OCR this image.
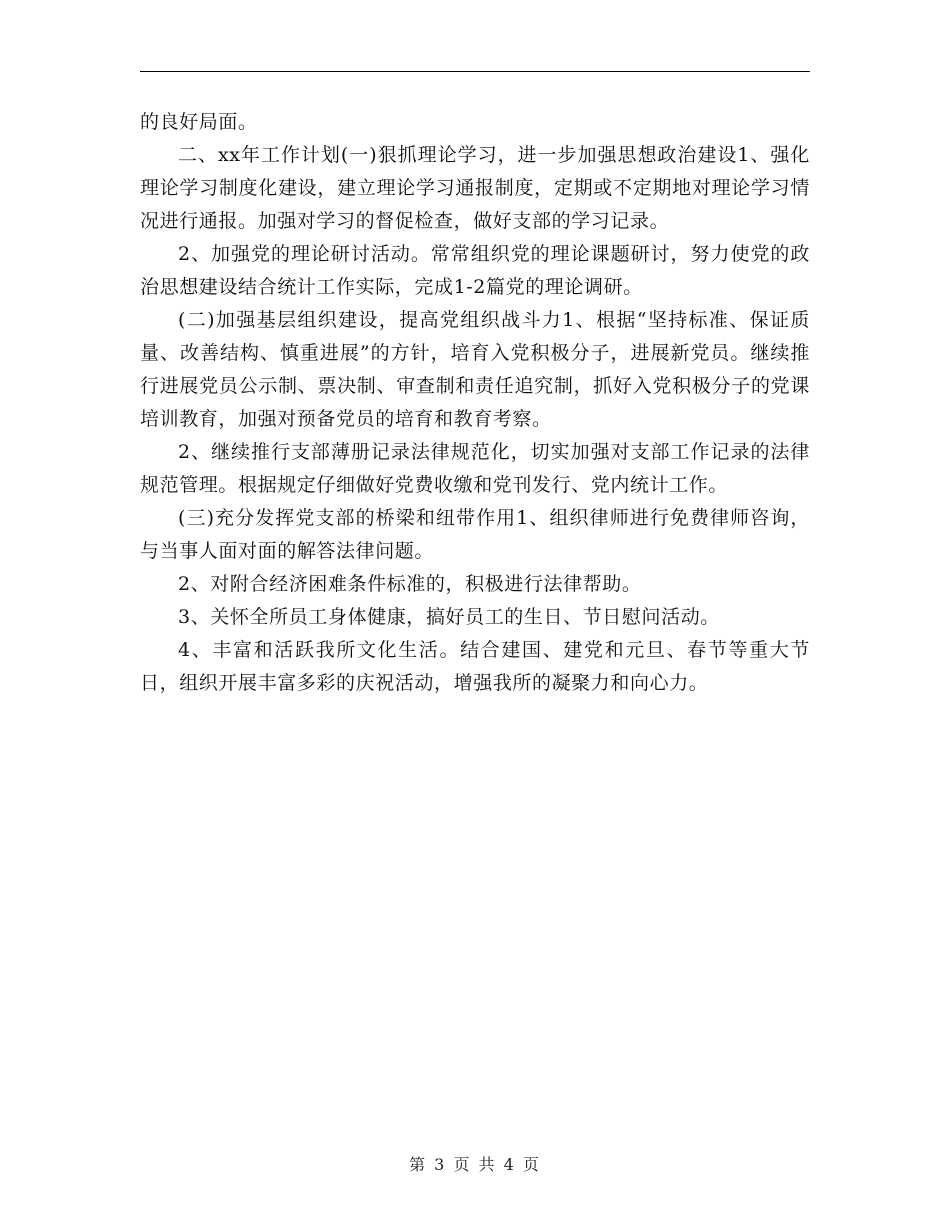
的良好局面。

二、xx年工作计划(一)狠抓理论学习，进一步加强思想政治建设1、强化理论学习制度化建设，建立理论学习通报制度，定期或不定期地对理论学习情况进行通报。加强对学习的督促检查，做好支部的学习记录。

2、加强党的理论研讨活动。常常组织党的理论课题研讨，努力使党的政治思想建设结合统计工作实际，完成1-2篇党的理论调研。

(二)加强基层组织建设，提高党组织战斗力1、根据“坚持标准、保证质量、改善结构、慎重进展”的方针，培育入党积极分子，进展新党员。继续推行进展党员公示制、票决制、审查制和责任追究制，抓好入党积极分子的党课培训教育，加强对预备党员的培育和教育考察。

2、继续推行支部薄册记录法律规范化，切实加强对支部工作记录的法律规范管理。根据规定仔细做好党费收缴和党刊发行、党内统计工作。

(三)充分发挥党支部的桥梁和纽带作用1、组织律师进行免费律师咨询，与当事人面对面的解答法律问题。

2、对附合经济困难条件标准的，积极进行法律帮助。

3、关怀全所员工身体健康，搞好员工的生日、节日慰问活动。

4、丰富和活跃我所文化生活。结合建国、建党和元旦、春节等重大节日，组织开展丰富多彩的庆祝活动，增强我所的凝聚力和向心力。

第 3 页 共 4 页
